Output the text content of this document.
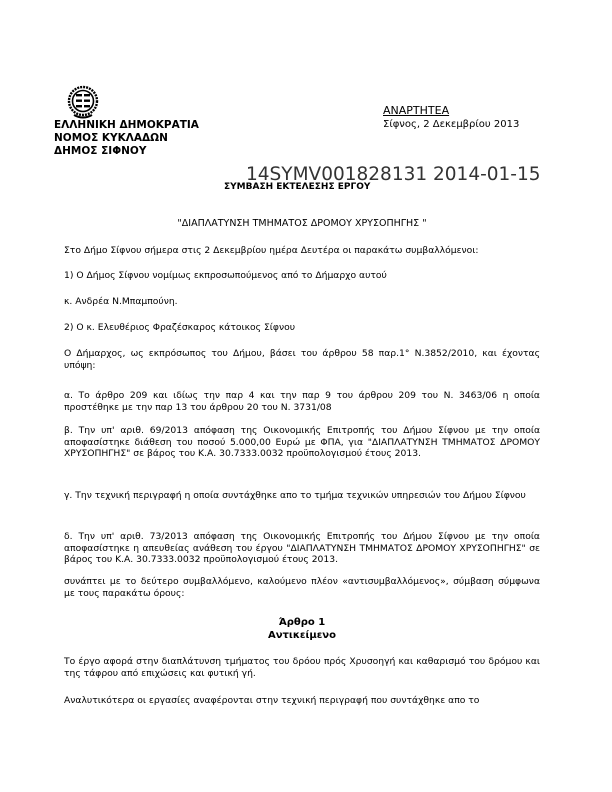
ΕΛΛΗΝΙΚΗ ΔΗΜΟΚΡΑΤΙΑ
ΝΟΜΟΣ ΚΥΚΛΑΔΩΝ
ΔΗΜΟΣ ΣΙΦΝΟΥ
ΑΝΑΡΤΗΤΕΑ
Σίφνος, 2 Δεκεμβρίου 2013
14SYMV001828131 2014-01-15
ΣΥΜΒΑΣΗ ΕΚΤΕΛΕΣΗΣ ΕΡΓΟΥ
"ΔΙΑΠΛΑΤΥΝΣΗ ΤΜΗΜΑΤΟΣ ΔΡΟΜΟΥ ΧΡΥΣΟΠΗΓΗΣ "
Στο Δήμο Σίφνου σήμερα στις 2 Δεκεμβρίου ημέρα Δευτέρα οι παρακάτω συμβαλλόμενοι:
1) Ο Δήμος Σίφνου νομίμως εκπροσωπούμενος από το Δήμαρχο αυτού
κ. Ανδρέα Ν.Μπαμπούνη.
2) Ο κ. Ελευθέριος Φραζέσκαρος κάτοικος Σίφνου
Ο Δήμαρχος, ως εκπρόσωπος του Δήμου, βάσει του άρθρου 58 παρ.1° Ν.3852/2010, και έχοντας υπόψη:
α. Το άρθρο 209 και ιδίως την παρ 4 και την παρ 9 του άρθρου 209 του Ν. 3463/06 η οποία προστέθηκε με την παρ 13 του άρθρου 20 του Ν. 3731/08
β. Την υπ' αριθ. 69/2013 απόφαση της Οικονομικής Επιτροπής του Δήμου Σίφνου με την οποία αποφασίστηκε διάθεση του ποσού 5.000,00 Ευρώ με ΦΠΑ, για "ΔΙΑΠΛΑΤΥΝΣΗ ΤΜΗΜΑΤΟΣ ΔΡΟΜΟΥ ΧΡΥΣΟΠΗΓΗΣ" σε βάρος του Κ.Α. 30.7333.0032 προϋπολογισμού έτους 2013.
γ. Την τεχνική περιγραφή η οποία συντάχθηκε απο το τμήμα τεχνικών υπηρεσιών του Δήμου Σίφνου
δ. Την υπ' αριθ. 73/2013 απόφαση της Οικονομικής Επιτροπής του Δήμου Σίφνου με την οποία αποφασίστηκε η απευθείας ανάθεση του έργου "ΔΙΑΠΛΑΤΥΝΣΗ ΤΜΗΜΑΤΟΣ ΔΡΟΜΟΥ ΧΡΥΣΟΠΗΓΗΣ" σε βάρος του Κ.Α. 30.7333.0032 προϋπολογισμού έτους 2013.
συνάπτει με το δεύτερο συμβαλλόμενο, καλούμενο πλέον «αντισυμβαλλόμενος», σύμβαση σύμφωνα με τους παρακάτω όρους:
Άρθρο 1
Αντικείμενο
Το έργο αφορά στην διαπλάτυνση τμήματος του δρόου πρός Χρυσοηγή και καθαρισμό του δρόμου και της τάφρου από επιχώσεις και φυτική γή.
Αναλυτικότερα οι εργασίες αναφέρονται στην τεχνική περιγραφή που συντάχθηκε απο το
